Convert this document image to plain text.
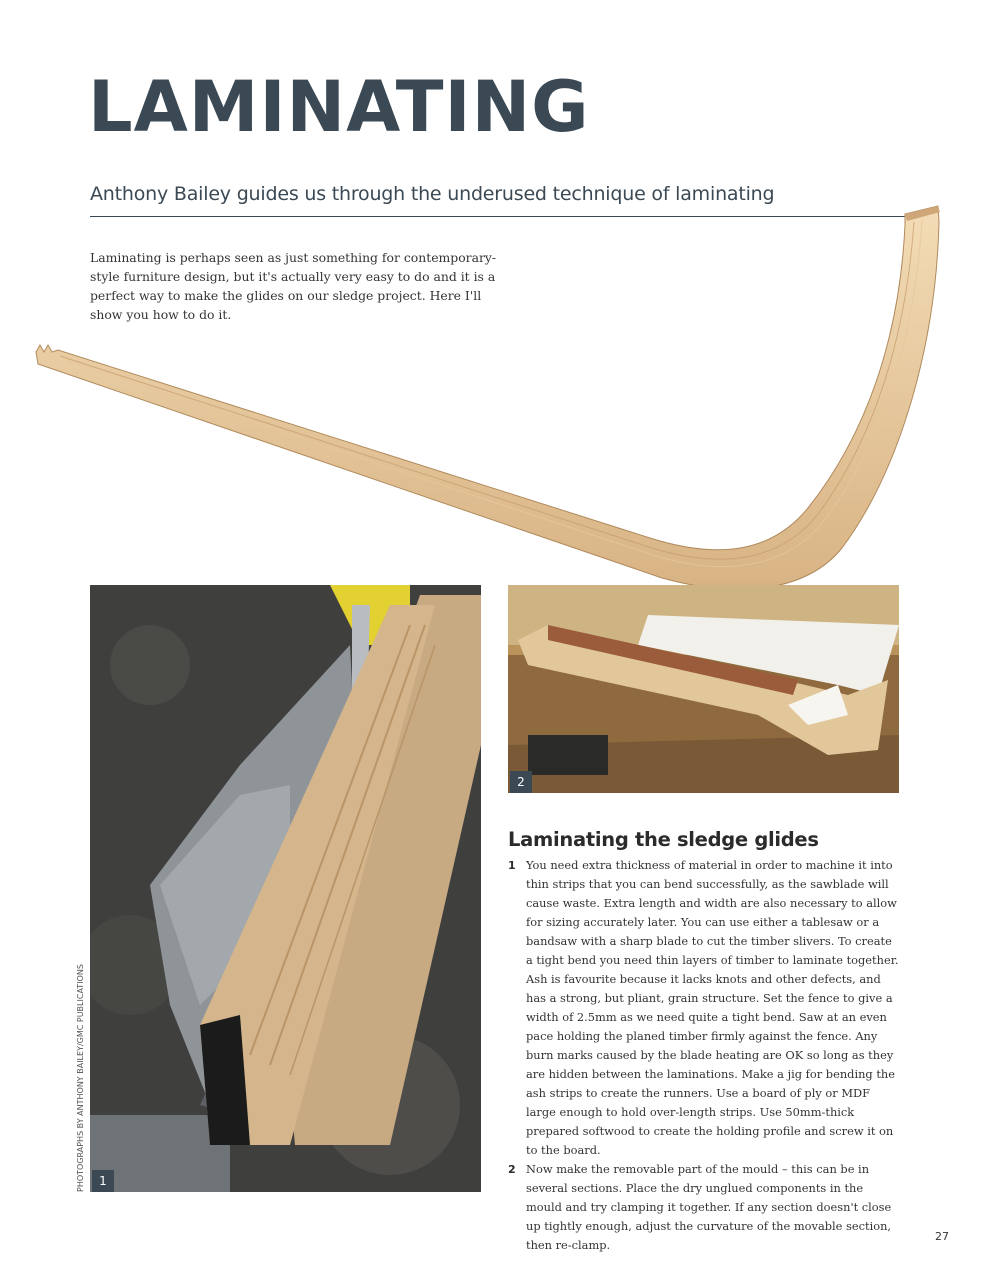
LAMINATING
Anthony Bailey guides us through the underused technique of laminating

Laminating is perhaps seen as just something for contemporary-style furniture design, but it's actually very easy to do and it is a perfect way to make the glides on our sledge project. Here I'll show you how to do it.

1
2
PHOTOGRAPHS BY ANTHONY BAILEY/GMC PUBLICATIONS
Laminating the sledge glides
1 You need extra thickness of material in order to machine it into thin strips that you can bend successfully, as the sawblade will cause waste. Extra length and width are also necessary to allow for sizing accurately later. You can use either a tablesaw or a bandsaw with a sharp blade to cut the timber slivers. To create a tight bend you need thin layers of timber to laminate together. Ash is favourite because it lacks knots and other defects, and has a strong, but pliant, grain structure. Set the fence to give a width of 2.5mm as we need quite a tight bend. Saw at an even pace holding the planed timber firmly against the fence. Any burn marks caused by the blade heating are OK so long as they are hidden between the laminations. Make a jig for bending the ash strips to create the runners. Use a board of ply or MDF large enough to hold over-length strips. Use 50mm-thick prepared softwood to create the holding profile and screw it on to the board.
2 Now make the removable part of the mould – this can be in several sections. Place the dry unglued components in the mould and try clamping it together. If any section doesn't close up tightly enough, adjust the curvature of the movable section, then re-clamp.
27
